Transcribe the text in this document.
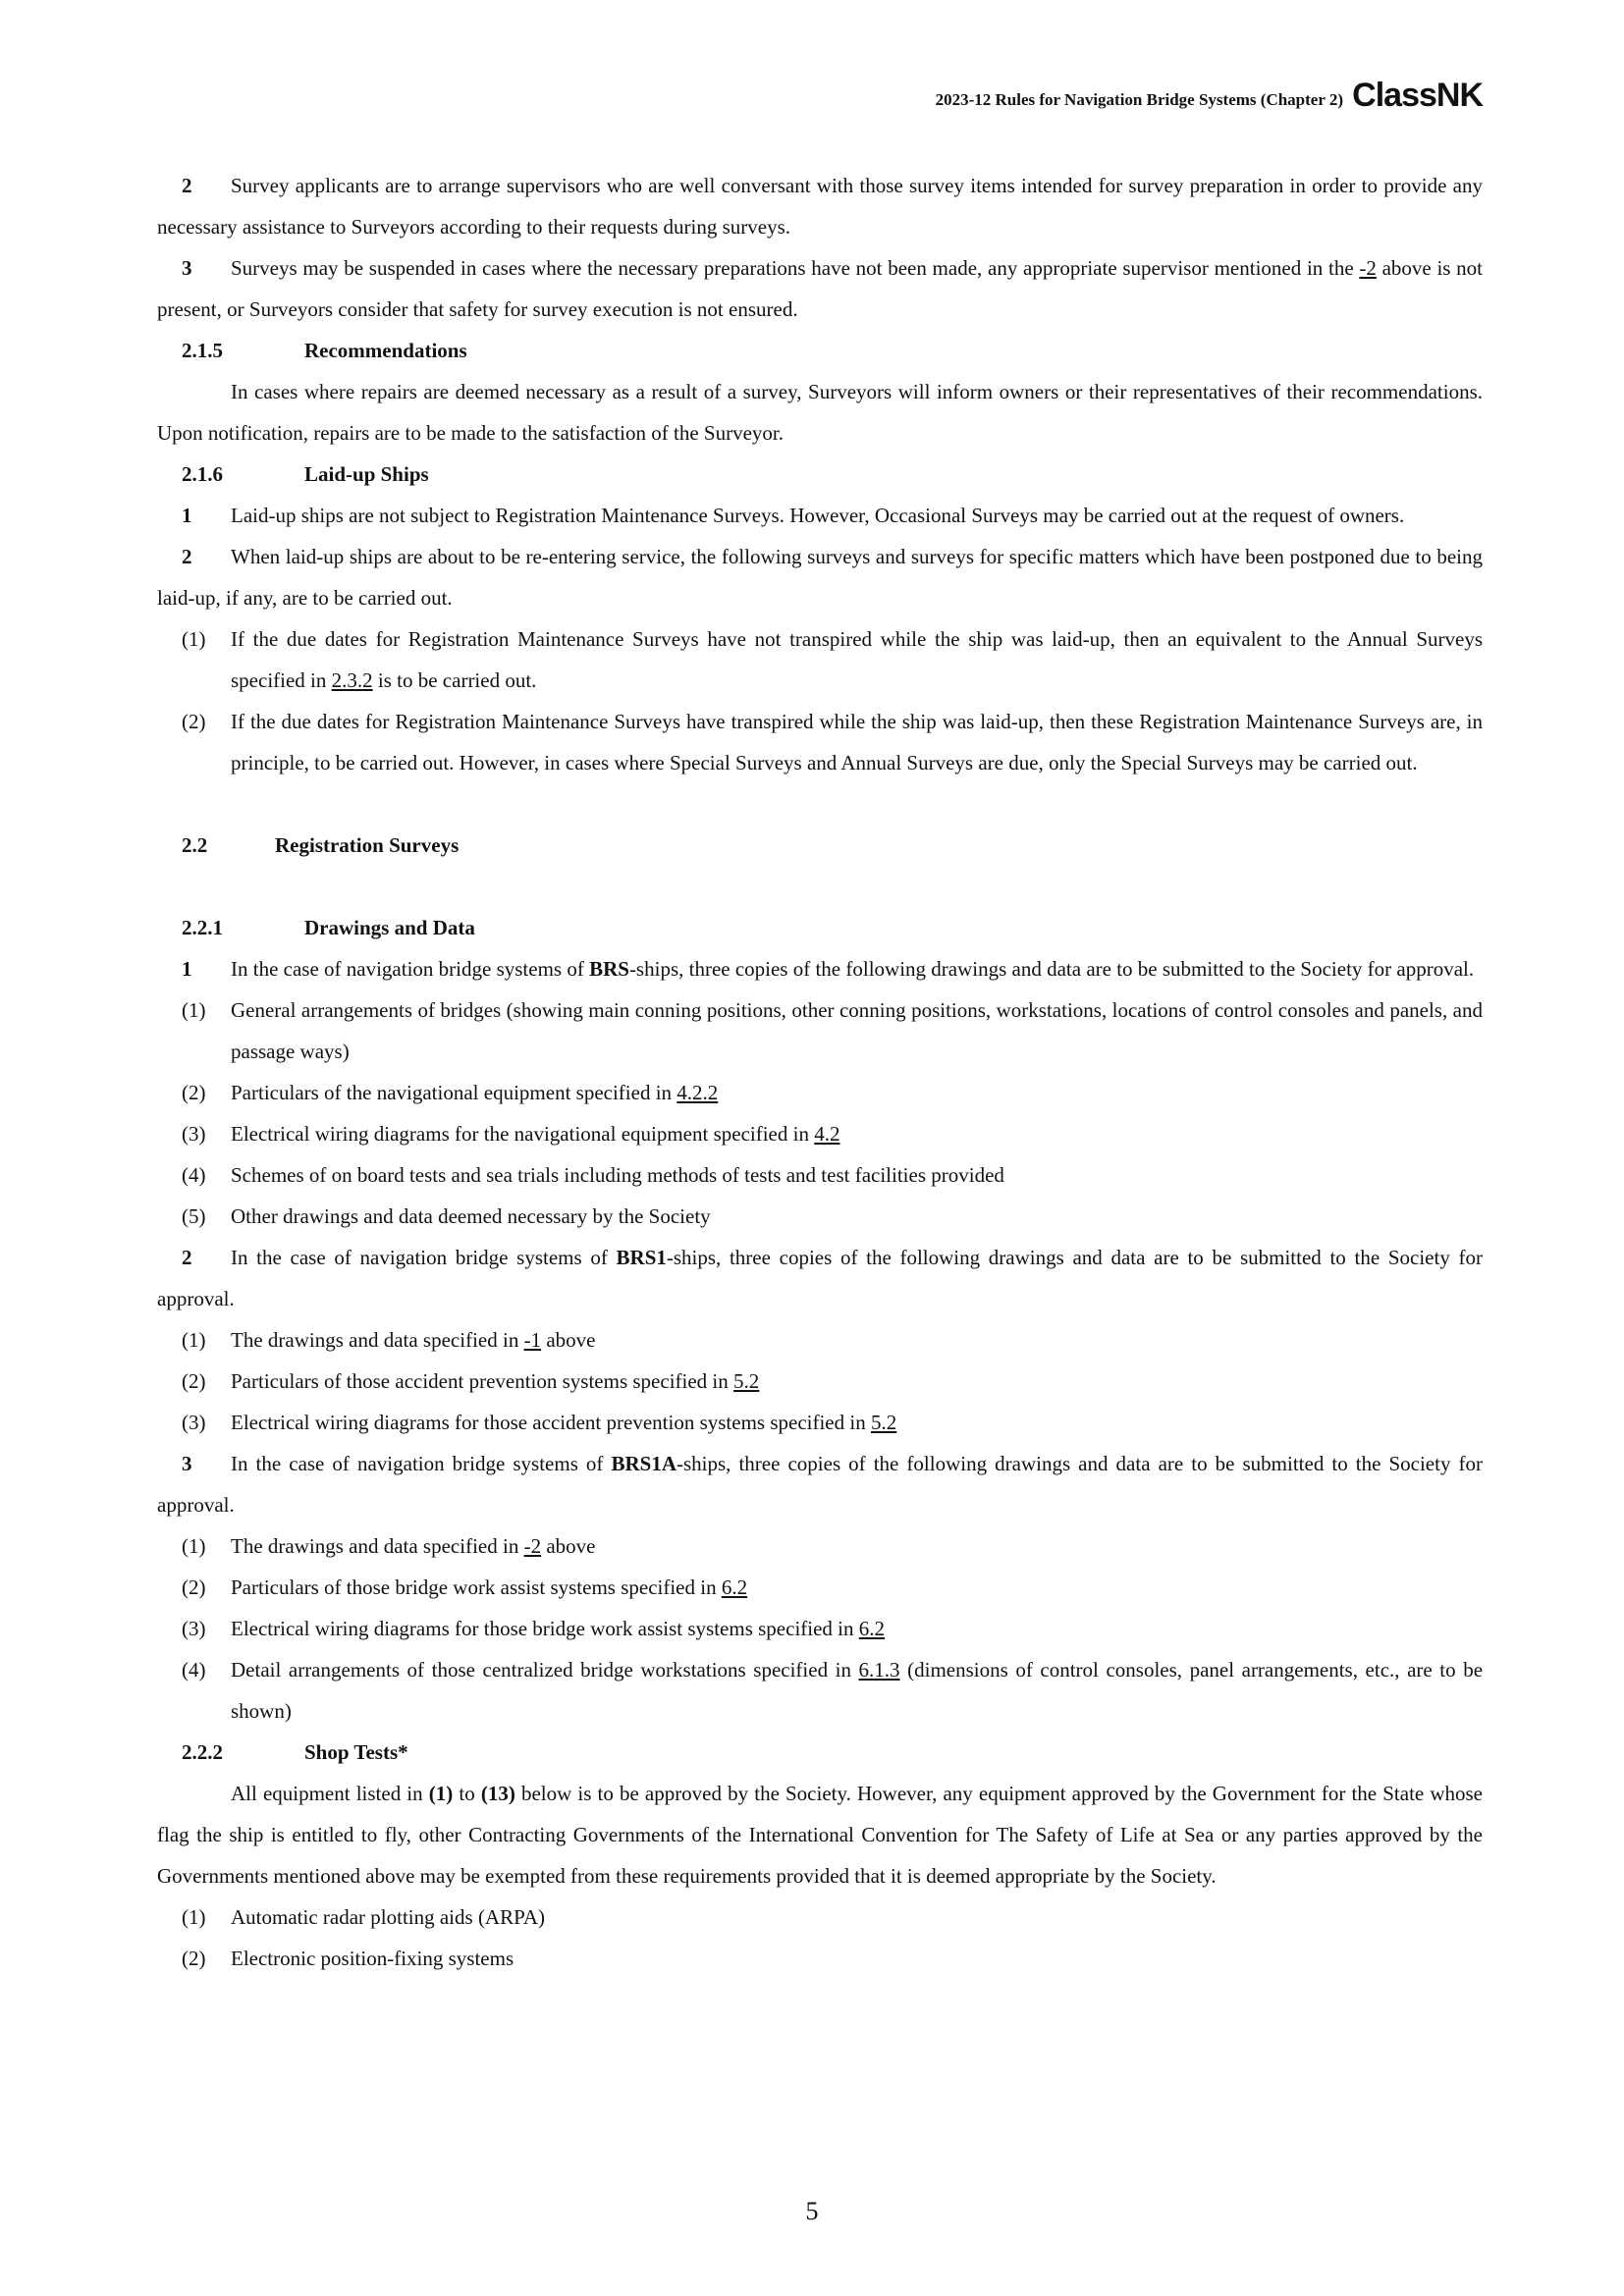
2023-12 Rules for Navigation Bridge Systems (Chapter 2) ClassNK

2 Survey applicants are to arrange supervisors who are well conversant with those survey items intended for survey preparation in order to provide any necessary assistance to Surveyors according to their requests during surveys.

3 Surveys may be suspended in cases where the necessary preparations have not been made, any appropriate supervisor mentioned in the -2 above is not present, or Surveyors consider that safety for survey execution is not ensured.

2.1.5	Recommendations

In cases where repairs are deemed necessary as a result of a survey, Surveyors will inform owners or their representatives of their recommendations. Upon notification, repairs are to be made to the satisfaction of the Surveyor.

2.1.6	Laid-up Ships

1 Laid-up ships are not subject to Registration Maintenance Surveys. However, Occasional Surveys may be carried out at the request of owners.

2 When laid-up ships are about to be re-entering service, the following surveys and surveys for specific matters which have been postponed due to being laid-up, if any, are to be carried out.

(1) If the due dates for Registration Maintenance Surveys have not transpired while the ship was laid-up, then an equivalent to the Annual Surveys specified in 2.3.2 is to be carried out.

(2) If the due dates for Registration Maintenance Surveys have transpired while the ship was laid-up, then these Registration Maintenance Surveys are, in principle, to be carried out. However, in cases where Special Surveys and Annual Surveys are due, only the Special Surveys may be carried out.

2.2	Registration Surveys

2.2.1	Drawings and Data

1 In the case of navigation bridge systems of BRS-ships, three copies of the following drawings and data are to be submitted to the Society for approval.

(1) General arrangements of bridges (showing main conning positions, other conning positions, workstations, locations of control consoles and panels, and passage ways)

(2) Particulars of the navigational equipment specified in 4.2.2

(3) Electrical wiring diagrams for the navigational equipment specified in 4.2

(4) Schemes of on board tests and sea trials including methods of tests and test facilities provided

(5) Other drawings and data deemed necessary by the Society

2 In the case of navigation bridge systems of BRS1-ships, three copies of the following drawings and data are to be submitted to the Society for approval.

(1) The drawings and data specified in -1 above

(2) Particulars of those accident prevention systems specified in 5.2

(3) Electrical wiring diagrams for those accident prevention systems specified in 5.2

3 In the case of navigation bridge systems of BRS1A-ships, three copies of the following drawings and data are to be submitted to the Society for approval.

(1) The drawings and data specified in -2 above

(2) Particulars of those bridge work assist systems specified in 6.2

(3) Electrical wiring diagrams for those bridge work assist systems specified in 6.2

(4) Detail arrangements of those centralized bridge workstations specified in 6.1.3 (dimensions of control consoles, panel arrangements, etc., are to be shown)

2.2.2	Shop Tests*

All equipment listed in (1) to (13) below is to be approved by the Society. However, any equipment approved by the Government for the State whose flag the ship is entitled to fly, other Contracting Governments of the International Convention for The Safety of Life at Sea or any parties approved by the Governments mentioned above may be exempted from these requirements provided that it is deemed appropriate by the Society.

(1) Automatic radar plotting aids (ARPA)

(2) Electronic position-fixing systems

5
